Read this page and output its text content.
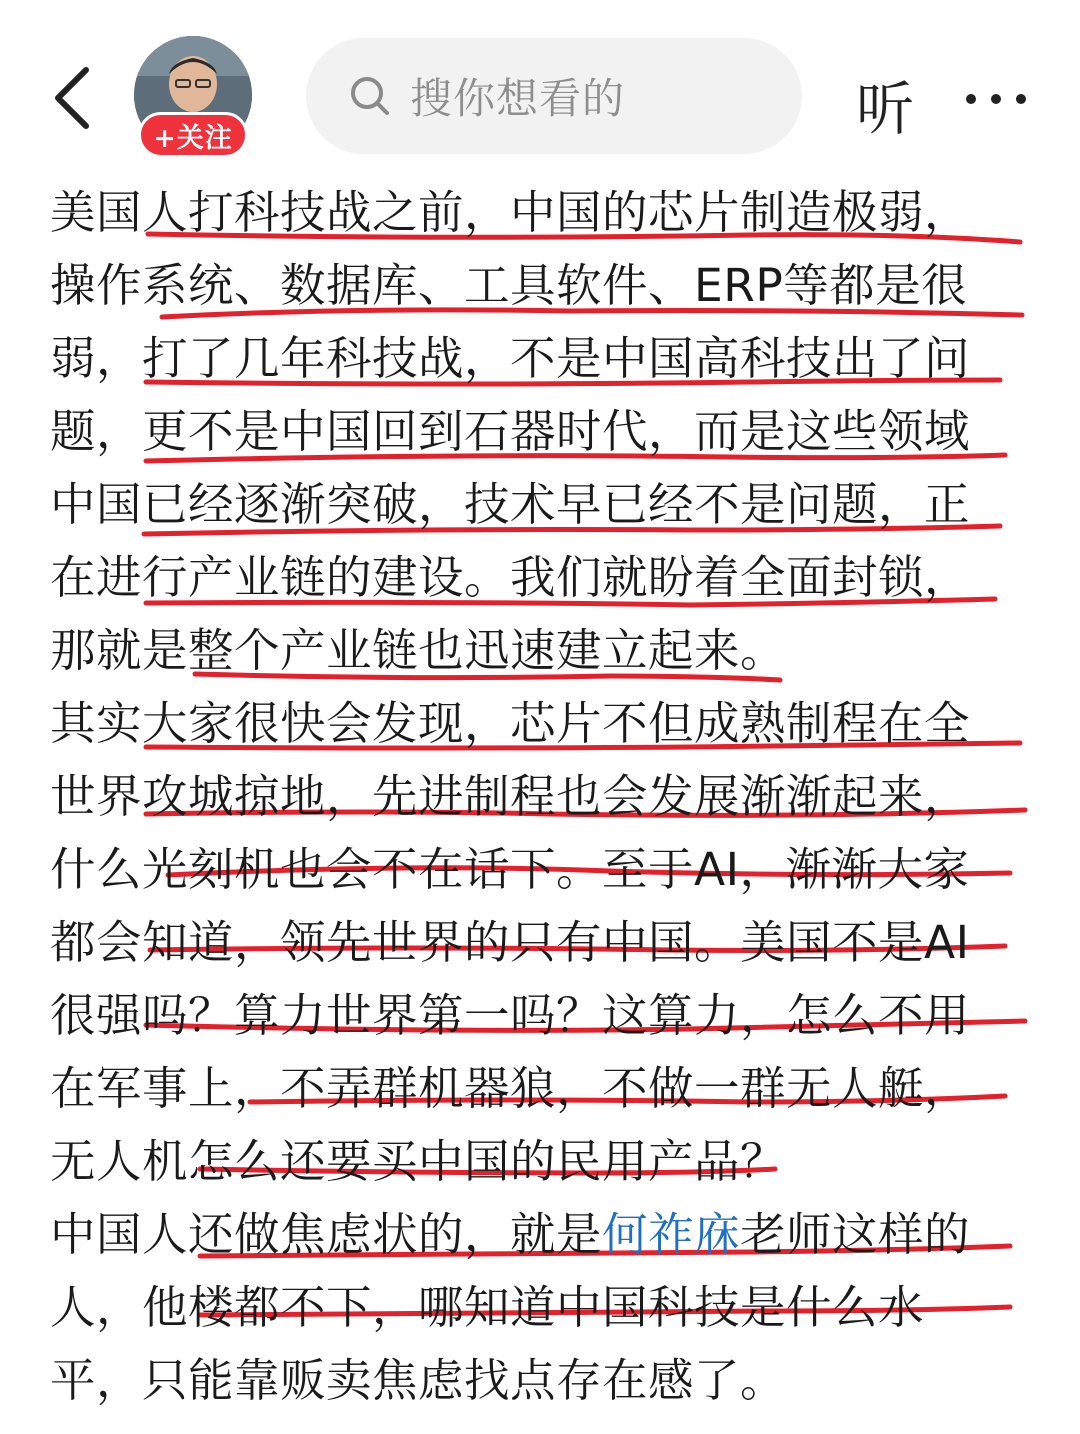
+关注
搜你想看的	听
美国人打科技战之前，中国的芯片制造极弱，
操作系统、数据库、工具软件、ERP等都是很
弱，打了几年科技战，不是中国高科技出了问
题，更不是中国回到石器时代，而是这些领域
中国已经逐渐突破，技术早已经不是问题，正
在进行产业链的建设。我们就盼着全面封锁，
那就是整个产业链也迅速建立起来。
其实大家很快会发现，芯片不但成熟制程在全
世界攻城掠地，先进制程也会发展渐渐起来，
什么光刻机也会不在话下。至于AI，渐渐大家
都会知道，领先世界的只有中国。美国不是AI
很强吗？算力世界第一吗？这算力，怎么不用
在军事上，不弄群机器狼，不做一群无人艇，
无人机怎么还要买中国的民用产品？
中国人还做焦虑状的，就是何祚庥老师这样的
人，他楼都不下，哪知道中国科技是什么水
平，只能靠贩卖焦虑找点存在感了。
